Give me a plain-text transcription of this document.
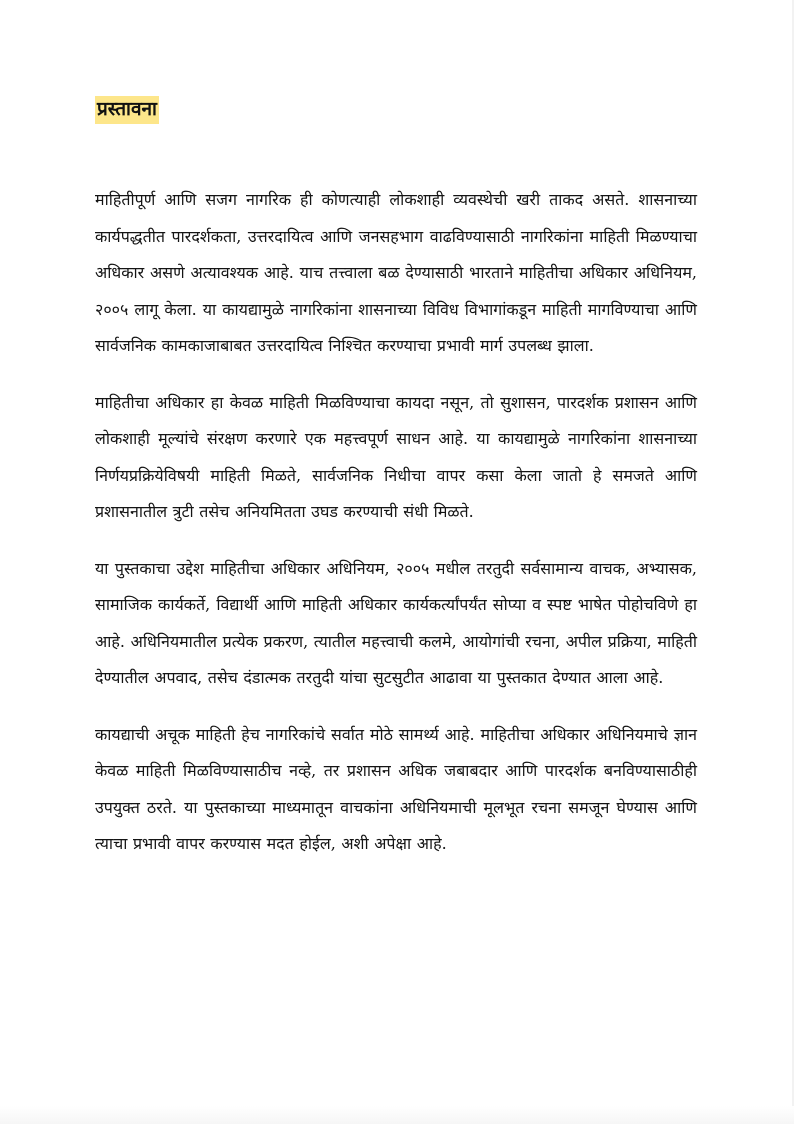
प्रस्तावना

माहितीपूर्ण आणि सजग नागरिक ही कोणत्याही लोकशाही व्यवस्थेची खरी ताकद असते. शासनाच्या कार्यपद्धतीत पारदर्शकता, उत्तरदायित्व आणि जनसहभाग वाढविण्यासाठी नागरिकांना माहिती मिळण्याचा अधिकार असणे अत्यावश्यक आहे. याच तत्त्वाला बळ देण्यासाठी भारताने माहितीचा अधिकार अधिनियम, २००५ लागू केला. या कायद्यामुळे नागरिकांना शासनाच्या विविध विभागांकडून माहिती मागविण्याचा आणि सार्वजनिक कामकाजाबाबत उत्तरदायित्व निश्चित करण्याचा प्रभावी मार्ग उपलब्ध झाला.

माहितीचा अधिकार हा केवळ माहिती मिळविण्याचा कायदा नसून, तो सुशासन, पारदर्शक प्रशासन आणि लोकशाही मूल्यांचे संरक्षण करणारे एक महत्त्वपूर्ण साधन आहे. या कायद्यामुळे नागरिकांना शासनाच्या निर्णयप्रक्रियेविषयी माहिती मिळते, सार्वजनिक निधीचा वापर कसा केला जातो हे समजते आणि प्रशासनातील त्रुटी तसेच अनियमितता उघड करण्याची संधी मिळते.

या पुस्तकाचा उद्देश माहितीचा अधिकार अधिनियम, २००५ मधील तरतुदी सर्वसामान्य वाचक, अभ्यासक, सामाजिक कार्यकर्ते, विद्यार्थी आणि माहिती अधिकार कार्यकर्त्यांपर्यंत सोप्या व स्पष्ट भाषेत पोहोचविणे हा आहे. अधिनियमातील प्रत्येक प्रकरण, त्यातील महत्त्वाची कलमे, आयोगांची रचना, अपील प्रक्रिया, माहिती देण्यातील अपवाद, तसेच दंडात्मक तरतुदी यांचा सुटसुटीत आढावा या पुस्तकात देण्यात आला आहे.

कायद्याची अचूक माहिती हेच नागरिकांचे सर्वात मोठे सामर्थ्य आहे. माहितीचा अधिकार अधिनियमाचे ज्ञान केवळ माहिती मिळविण्यासाठीच नव्हे, तर प्रशासन अधिक जबाबदार आणि पारदर्शक बनविण्यासाठीही उपयुक्त ठरते. या पुस्तकाच्या माध्यमातून वाचकांना अधिनियमाची मूलभूत रचना समजून घेण्यास आणि त्याचा प्रभावी वापर करण्यास मदत होईल, अशी अपेक्षा आहे.
